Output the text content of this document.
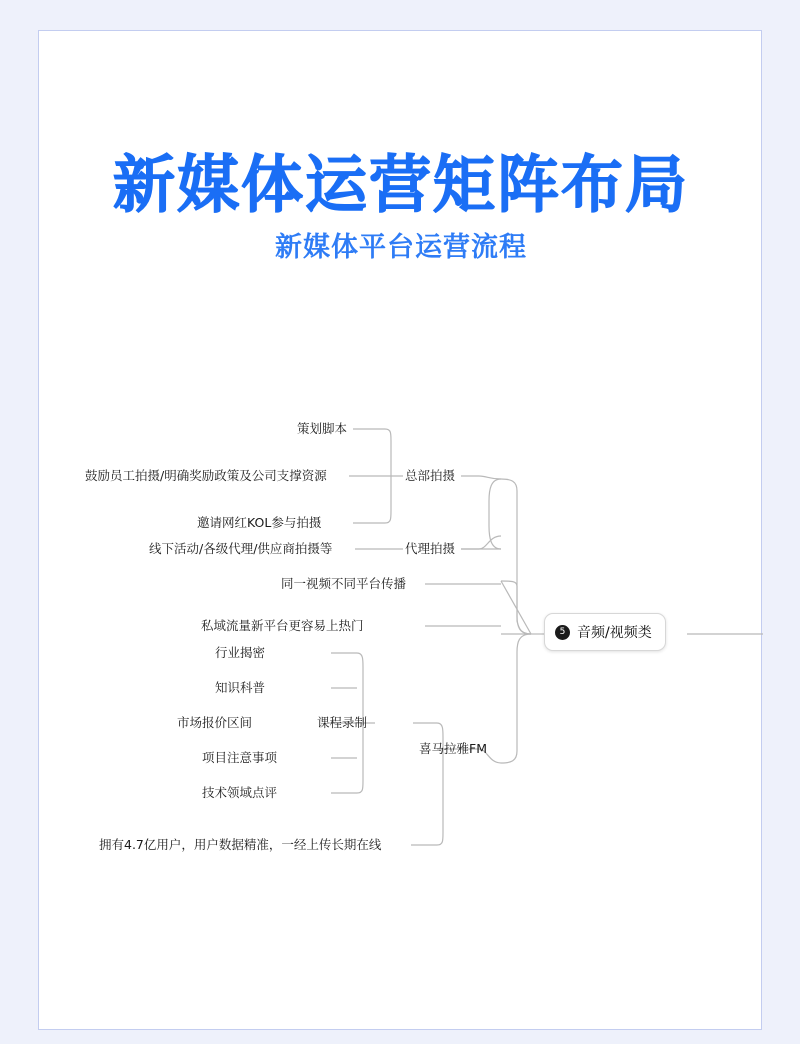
新媒体运营矩阵布局
新媒体平台运营流程
策划脚本
鼓励员工拍摄/明确奖励政策及公司支撑资源
邀请网红KOL参与拍摄
总部拍摄
线下活动/各级代理/供应商拍摄等	代理拍摄
同一视频不同平台传播
私域流量新平台更容易上热门
行业揭密
知识科普
市场报价区间
项目注意事项
技术领域点评
课程录制
喜马拉雅FM
拥有4.7亿用户，用户数据精准，一经上传长期在线
5 音频/视频类
